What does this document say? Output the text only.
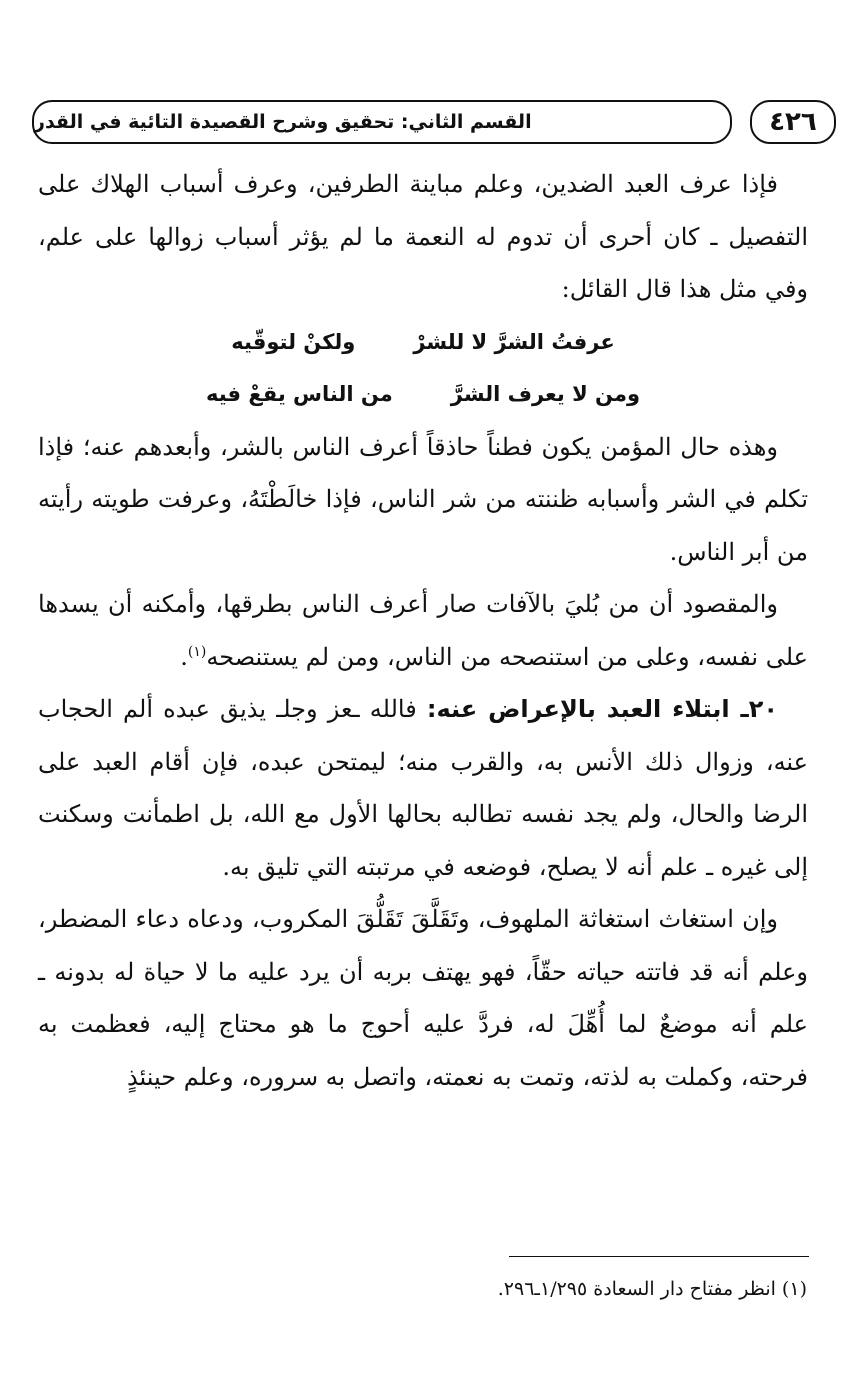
القسم الثاني: تحقيق وشرح القصيدة التائية في القدر	٤٢٦

فإذا عرف العبد الضدين، وعلم مباينة الطرفين، وعرف أسباب الهلاك على التفصيل ـ كان أحرى أن تدوم له النعمة ما لم يؤثر أسباب زوالها على علم، وفي مثل هذا قال القائل:

عرفتُ الشرَّ لا للشرْ
ولكنْ لتوقّيه
ومن لا يعرف الشرَّ
من الناس يقعْ فيه

وهذه حال المؤمن يكون فطناً حاذقاً أعرف الناس بالشر، وأبعدهم عنه؛ فإذا تكلم في الشر وأسبابه ظننته من شر الناس، فإذا خالَطْتَهُ، وعرفت طويته رأيته من أبر الناس.

والمقصود أن من بُليَ بالآفات صار أعرف الناس بطرقها، وأمكنه أن يسدها على نفسه، وعلى من استنصحه من الناس، ومن لم يستنصحه$^{(١)}$.

٢٠ـ ابتلاء العبد بالإعراض عنه: فالله ـعز وجلـ يذيق عبده ألم الحجاب عنه، وزوال ذلك الأنس به، والقرب منه؛ ليمتحن عبده، فإن أقام العبد على الرضا والحال، ولم يجد نفسه تطالبه بحالها الأول مع الله، بل اطمأنت وسكنت إلى غيره ـ علم أنه لا يصلح، فوضعه في مرتبته التي تليق به.

وإن استغاث استغاثة الملهوف، وتَقَلَّقَ تَقَلُّقَ المكروب، ودعاه دعاء المضطر، وعلم أنه قد فاتته حياته حقّاً، فهو يهتف بربه أن يرد عليه ما لا حياة له بدونه ـ علم أنه موضعٌ لما أُهِّلَ له، فردَّ عليه أحوج ما هو محتاج إليه، فعظمت به فرحته، وكملت به لذته، وتمت به نعمته، واتصل به سروره، وعلم حينئذٍ

(١) انظر مفتاح دار السعادة ١/٢٩٥ـ٢٩٦.
